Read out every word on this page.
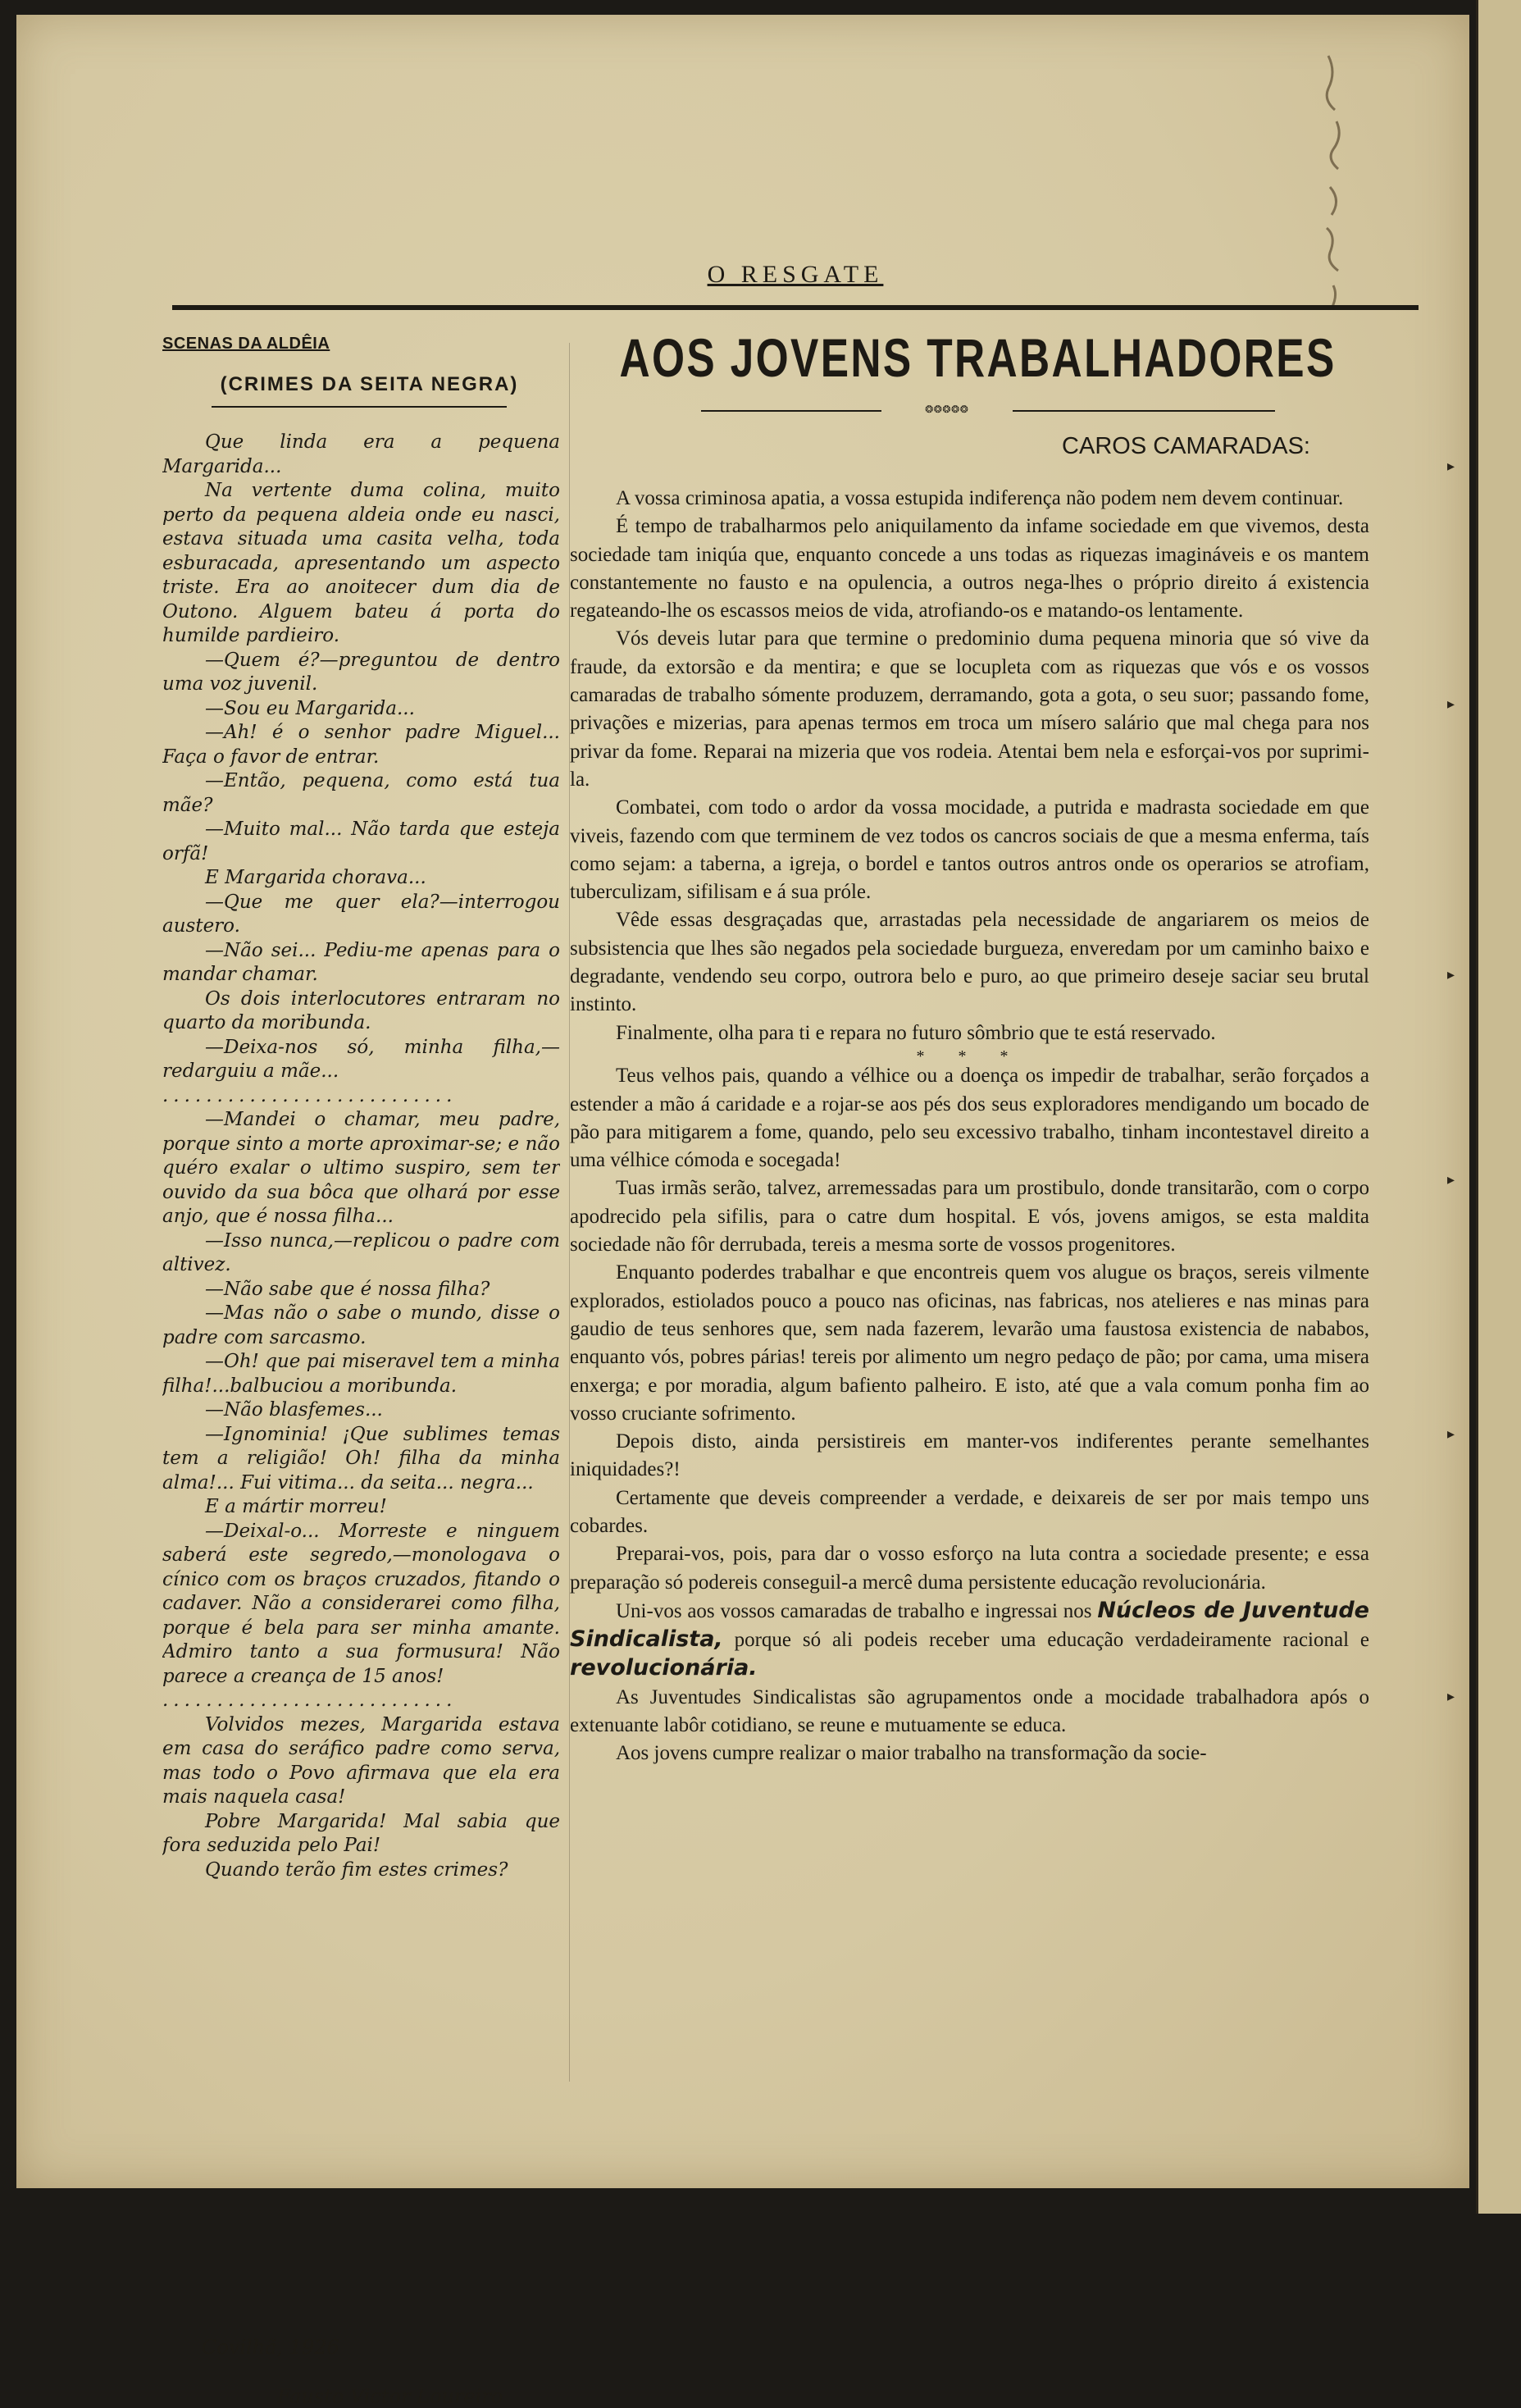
O RESGATE
SCENAS DA ALDÊIA
(CRIMES DA SEITA NEGRA)

Que linda era a pequena Margarida...

Na vertente duma colina, muito perto da pequena aldeia onde eu nasci, estava situada uma casita velha, toda esburacada, apresentando um aspecto triste. Era ao anoitecer dum dia de Outono. Alguem bateu á porta do humilde pardieiro.

—Quem é?—preguntou de dentro uma voz juvenil.

—Sou eu Margarida...

—Ah! é o senhor padre Miguel... Faça o favor de entrar.

—Então, pequena, como está tua mãe?

—Muito mal... Não tarda que esteja orfã!

E Margarida chorava...

—Que me quer ela?—interrogou austero.

—Não sei... Pediu-me apenas para o mandar chamar.

Os dois interlocutores entraram no quarto da moribunda.

—Deixa-nos só, minha filha,—redarguiu a mãe...

...........................

—Mandei o chamar, meu padre, porque sinto a morte aproximar-se; e não quéro exalar o ultimo suspiro, sem ter ouvido da sua bôca que olhará por esse anjo, que é nossa filha...

—Isso nunca,—replicou o padre com altivez.

—Não sabe que é nossa filha?

—Mas não o sabe o mundo, disse o padre com sarcasmo.

—Oh! que pai miseravel tem a minha filha!...balbuciou a moribunda.

—Não blasfemes...

—Ignominia! ¡Que sublimes temas tem a religião! Oh! filha da minha alma!... Fui vitima... da seita... negra...

E a mártir morreu!

—Deixal-o... Morreste e ninguem saberá este segredo,—monologava o cínico com os braços cruzados, fitando o cadaver. Não a considerarei como filha, porque é bela para ser minha amante. Admiro tanto a sua formusura! Não parece a creança de 15 anos!

...........................

Volvidos mezes, Margarida estava em casa do seráfico padre como serva, mas todo o Povo afirmava que ela era mais naquela casa!

Pobre Margarida! Mal sabia que fora seduzida pelo Pai!

Quando terão fim estes crimes?

Covilhã, 1926
Fausto Victor Loureiro
AOS JOVENS TRABALHADORES
❂❂❂❂❂
CAROS CAMARADAS:

A vossa criminosa apatia, a vossa estupida indiferença não podem nem devem continuar.

É tempo de trabalharmos pelo aniquilamento da infame sociedade em que vivemos, desta sociedade tam iniqúa que, enquanto concede a uns todas as riquezas imagináveis e os mantem constantemente no fausto e na opulencia, a outros nega-lhes o próprio direito á existencia regateando-lhe os escassos meios de vida, atrofiando-os e matando-os lentamente.

Vós deveis lutar para que termine o predominio duma pequena minoria que só vive da fraude, da extorsão e da mentira; e que se locupleta com as riquezas que vós e os vossos camaradas de trabalho sómente produzem, derramando, gota a gota, o seu suor; passando fome, privações e mizerias, para apenas termos em troca um mísero salário que mal chega para nos privar da fome. Reparai na mizeria que vos rodeia. Atentai bem nela e esforçai-vos por suprimi-la.

Combatei, com todo o ardor da vossa mocidade, a putrida e madrasta sociedade em que viveis, fazendo com que terminem de vez todos os cancros sociais de que a mesma enferma, taís como sejam: a taberna, a igreja, o bordel e tantos outros antros onde os operarios se atrofiam, tuberculizam, sifilisam e á sua próle.

Vêde essas desgraçadas que, arrastadas pela necessidade de angariarem os meios de subsistencia que lhes são negados pela sociedade burgueza, enveredam por um caminho baixo e degradante, vendendo seu corpo, outrora belo e puro, ao que primeiro deseje saciar seu brutal instinto.

Finalmente, olha para ti e repara no futuro sômbrio que te está reservado.

* * *

Teus velhos pais, quando a vélhice ou a doença os impedir de trabalhar, serão forçados a estender a mão á caridade e a rojar-se aos pés dos seus exploradores mendigando um bocado de pão para mitigarem a fome, quando, pelo seu excessivo trabalho, tinham incontestavel direito a uma vélhice cómoda e socegada!

Tuas irmãs serão, talvez, arremessadas para um prostibulo, donde transitarão, com o corpo apodrecido pela sifilis, para o catre dum hospital. E vós, jovens amigos, se esta maldita sociedade não fôr derrubada, tereis a mesma sorte de vossos progenitores.

Enquanto poderdes trabalhar e que encontreis quem vos alugue os braços, sereis vilmente explorados, estiolados pouco a pouco nas oficinas, nas fabricas, nos atelieres e nas minas para gaudio de teus senhores que, sem nada fazerem, levarão uma faustosa existencia de nababos, enquanto vós, pobres párias! tereis por alimento um negro pedaço de pão; por cama, uma misera enxerga; e por moradia, algum bafiento palheiro. E isto, até que a vala comum ponha fim ao vosso cruciante sofrimento.

Depois disto, ainda persistireis em manter-vos indiferentes perante semelhantes iniquidades?!

Certamente que deveis compreender a verdade, e deixareis de ser por mais tempo uns cobardes.

Preparai-vos, pois, para dar o vosso esforço na luta contra a sociedade presente; e essa preparação só podereis conseguil-a mercê duma persistente educação revolucionária.

Uni-vos aos vossos camaradas de trabalho e ingressai nos Núcleos de Juventude Sindicalista, porque só ali podeis receber uma educação verdadeiramente racional e revolucionária.

As Juventudes Sindicalistas são agrupamentos onde a mocidade trabalhadora após o extenuante labôr cotidiano, se reune e mutuamente se educa.

Aos jovens cumpre realizar o maior trabalho na transformação da socie-

▸
▸
▸
▸
▸
▸
